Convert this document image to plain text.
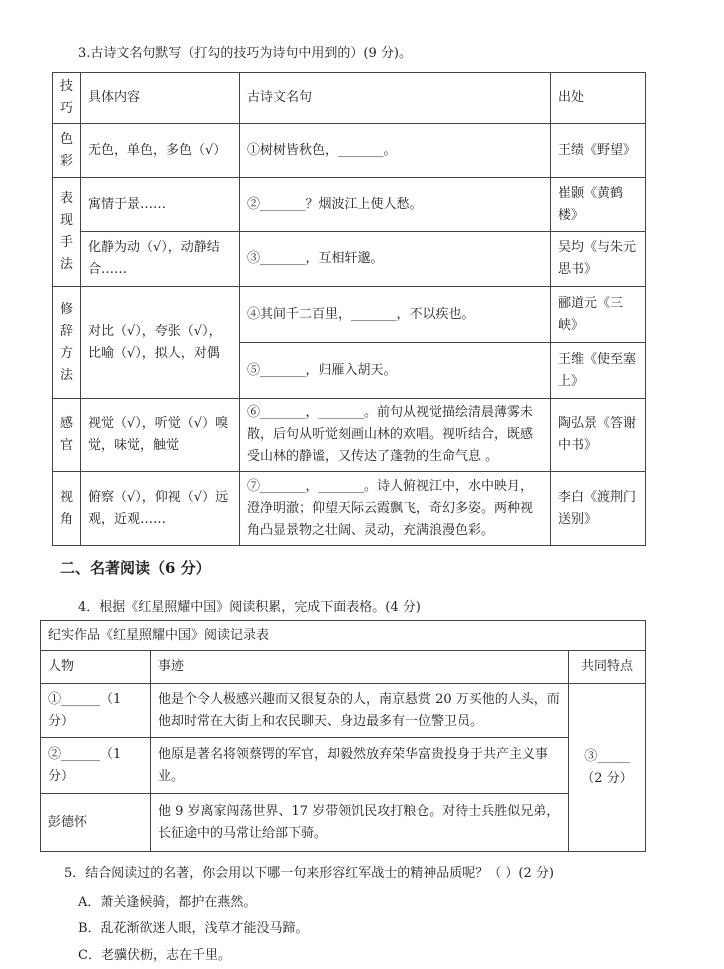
3.古诗文名句默写（打勾的技巧为诗句中用到的）(9 分)。
技巧	具体内容	古诗文名句	出处
色彩	无色，单色，多色（√）	①树树皆秋色，_______。	王绩《野望》
表现手法	寓情于景……	②_______？烟波江上使人愁。	崔颢《黄鹤楼》
	化静为动（√），动静结合……	③_______，互相轩邈。	吴均《与朱元思书》
修辞方法	对比（√），夸张（√），比喻（√），拟人，对偶	④其间千二百里，_______，不以疾也。	郦道元《三峡》
		⑤_______，归雁入胡天。	王维《使至塞上》
感官	视觉（√），听觉（√）嗅觉，味觉，触觉	⑥_______，_______。前句从视觉描绘清晨薄雾未散，后句从听觉刻画山林的欢唱。视听结合，既感受山林的静谧，又传达了蓬勃的生命气息 。	陶弘景《答谢中书》
视角	俯察（√），仰视（√）远观，近观……	⑦_______，_______。诗人俯视江中，水中映月，澄净明澈；仰望天际云霞飘飞，奇幻多姿。两种视角凸显景物之壮阔、灵动，充满浪漫色彩。	李白《渡荆门送别》
二、名著阅读（6 分）
4．根据《红星照耀中国》阅读积累，完成下面表格。(4 分)
纪实作品《红星照耀中国》阅读记录表		
人物	事迹	共同特点
①______（1 分）	他是个令人极感兴趣而又很复杂的人，南京悬赏 20 万买他的人头，而他却时常在大街上和农民聊天、身边最多有一位警卫员。	③_____（2 分）
②______（1 分）	他原是著名将领蔡锷的军官，却毅然放弃荣华富贵投身于共产主义事业。	
彭德怀	他 9 岁离家闯荡世界、17 岁带领饥民攻打粮仓。对待士兵胜似兄弟，长征途中的马常让给部下骑。	
5．结合阅读过的名著，你会用以下哪一句来形容红军战士的精神品质呢？（ ）(2 分)
A．萧关逢候骑，都护在燕然。
B．乱花渐欲迷人眼，浅草才能没马蹄。
C．老骥伏枥，志在千里。
